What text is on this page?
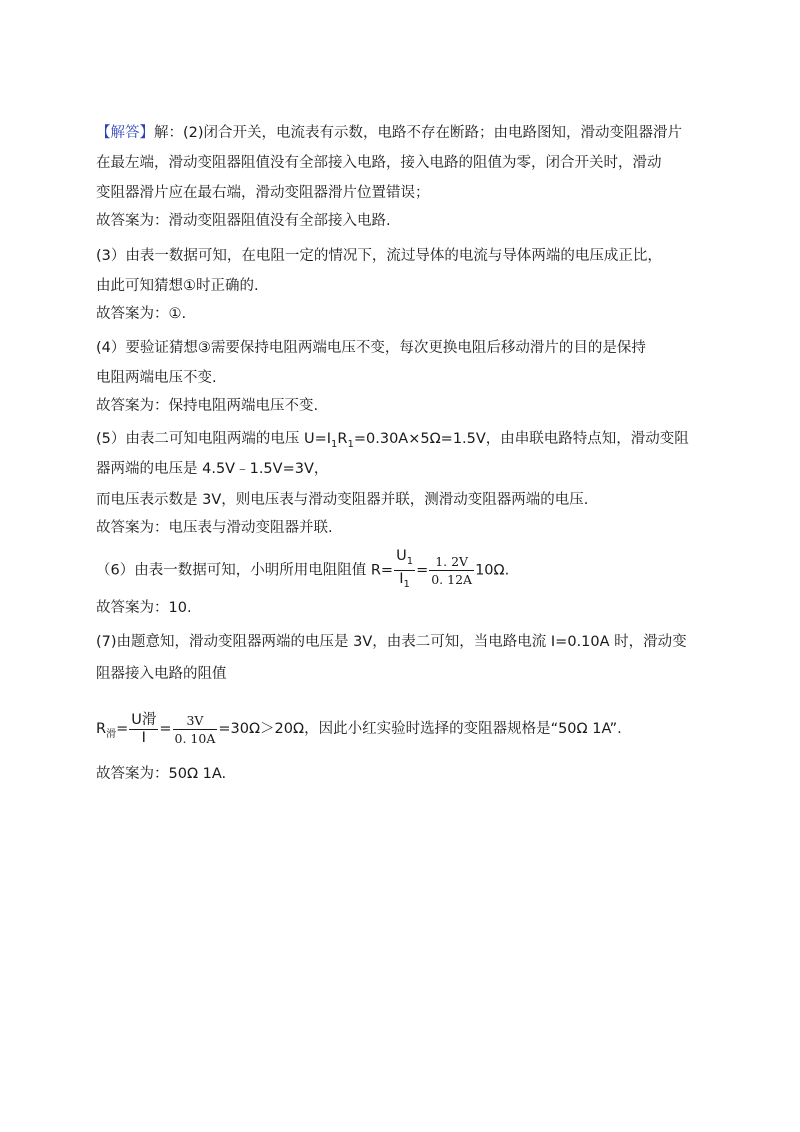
【解答】解：(2)闭合开关，电流表有示数，电路不存在断路；由电路图知，滑动变阻器滑片
在最左端，滑动变阻器阻值没有全部接入电路，接入电路的阻值为零，闭合开关时，滑动
变阻器滑片应在最右端，滑动变阻器滑片位置错误；
故答案为：滑动变阻器阻值没有全部接入电路.
(3）由表一数据可知，在电阻一定的情况下，流过导体的电流与导体两端的电压成正比，
由此可知猜想①时正确的.
故答案为：①.
(4）要验证猜想③需要保持电阻两端电压不变，每次更换电阻后移动滑片的目的是保持
电阻两端电压不变.
故答案为：保持电阻两端电压不变.
(5）由表二可知电阻两端的电压 $U=I_1R_1=0.30A\times 5\Omega=1.5V$，由串联电路特点知，滑动变阻
器两端的电压是 4.5V﹣1.5V=3V，
而电压表示数是 3V，则电压表与滑动变阻器并联，测滑动变阻器两端的电压.
故答案为：电压表与滑动变阻器并联.
（6）由表一数据可知，小明所用电阻阻值 $R= \frac{U_1}{I_1} = \frac{1. 2V}{0. 12A} 10\Omega$.
故答案为：10.
(7)由题意知，滑动变阻器两端的电压是 3V，由表二可知，当电路电流 I=0.10A 时，滑动变
阻器接入电路的阻值
$R_滑= \frac{\text{U滑}}{I} = \frac{3V}{0. 10A} =30\Omega>20\Omega$，因此小红实验时选择的变阻器规格是“50Ω 1A”.
故答案为：50Ω 1A.
